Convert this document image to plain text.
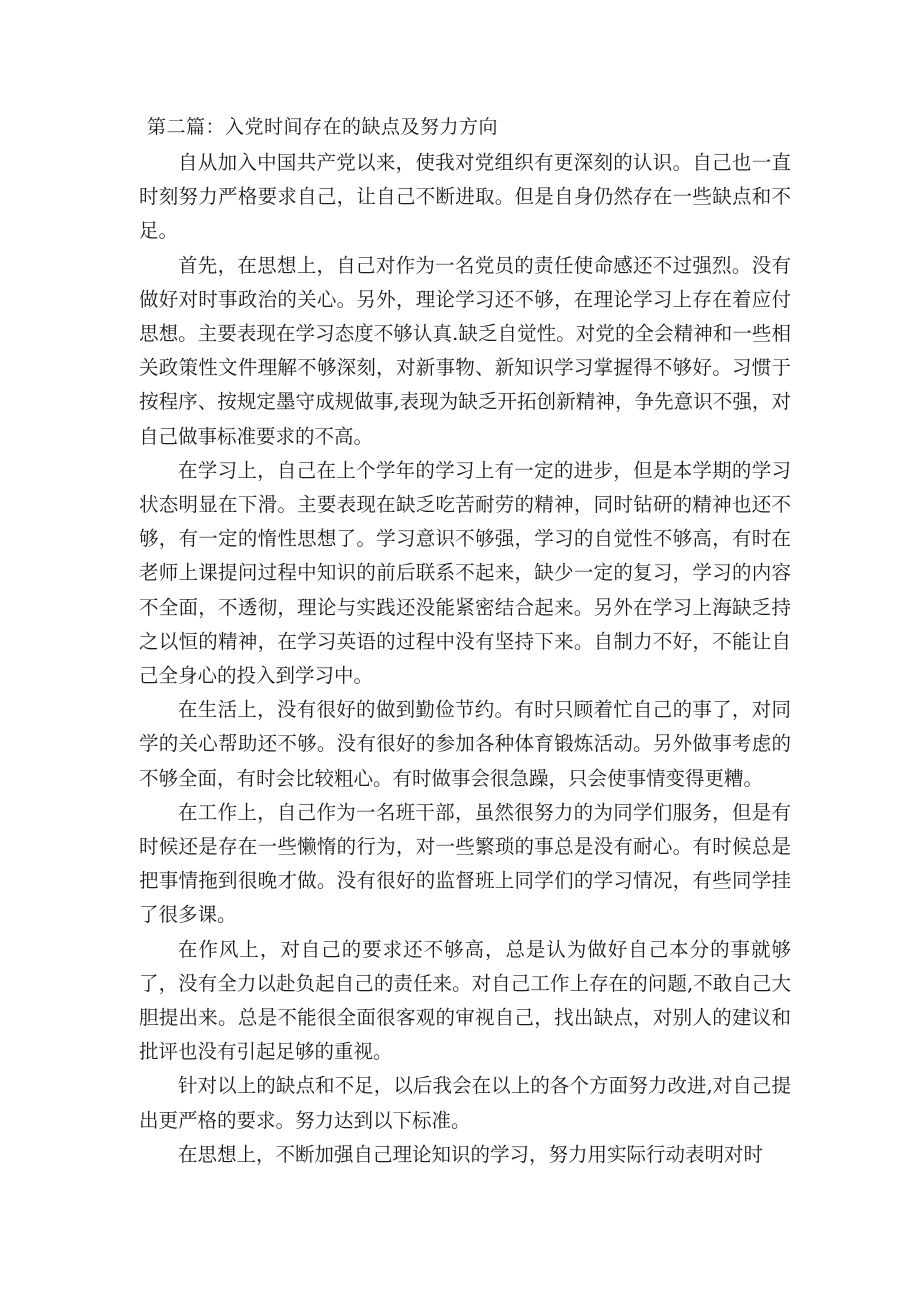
第二篇：入党时间存在的缺点及努力方向

自从加入中国共产党以来，使我对党组织有更深刻的认识。自己也一直时刻努力严格要求自己，让自己不断进取。但是自身仍然存在一些缺点和不足。

首先，在思想上，自己对作为一名党员的责任使命感还不过强烈。没有做好对时事政治的关心。另外，理论学习还不够，在理论学习上存在着应付思想。主要表现在学习态度不够认真.缺乏自觉性。对党的全会精神和一些相关政策性文件理解不够深刻，对新事物、新知识学习掌握得不够好。习惯于按程序、按规定墨守成规做事,表现为缺乏开拓创新精神，争先意识不强，对自己做事标准要求的不高。

在学习上，自己在上个学年的学习上有一定的进步，但是本学期的学习状态明显在下滑。主要表现在缺乏吃苦耐劳的精神，同时钻研的精神也还不够，有一定的惰性思想了。学习意识不够强，学习的自觉性不够高，有时在老师上课提问过程中知识的前后联系不起来，缺少一定的复习，学习的内容不全面，不透彻，理论与实践还没能紧密结合起来。另外在学习上海缺乏持之以恒的精神，在学习英语的过程中没有坚持下来。自制力不好，不能让自己全身心的投入到学习中。

在生活上，没有很好的做到勤俭节约。有时只顾着忙自己的事了，对同学的关心帮助还不够。没有很好的参加各种体育锻炼活动。另外做事考虑的不够全面，有时会比较粗心。有时做事会很急躁，只会使事情变得更糟。

在工作上，自己作为一名班干部，虽然很努力的为同学们服务，但是有时候还是存在一些懒惰的行为，对一些繁琐的事总是没有耐心。有时候总是把事情拖到很晚才做。没有很好的监督班上同学们的学习情况，有些同学挂了很多课。

在作风上，对自己的要求还不够高，总是认为做好自己本分的事就够了，没有全力以赴负起自己的责任来。对自己工作上存在的问题,不敢自己大胆提出来。总是不能很全面很客观的审视自己，找出缺点，对别人的建议和批评也没有引起足够的重视。

针对以上的缺点和不足，以后我会在以上的各个方面努力改进,对自己提出更严格的要求。努力达到以下标准。

在思想上，不断加强自己理论知识的学习，努力用实际行动表明对时
